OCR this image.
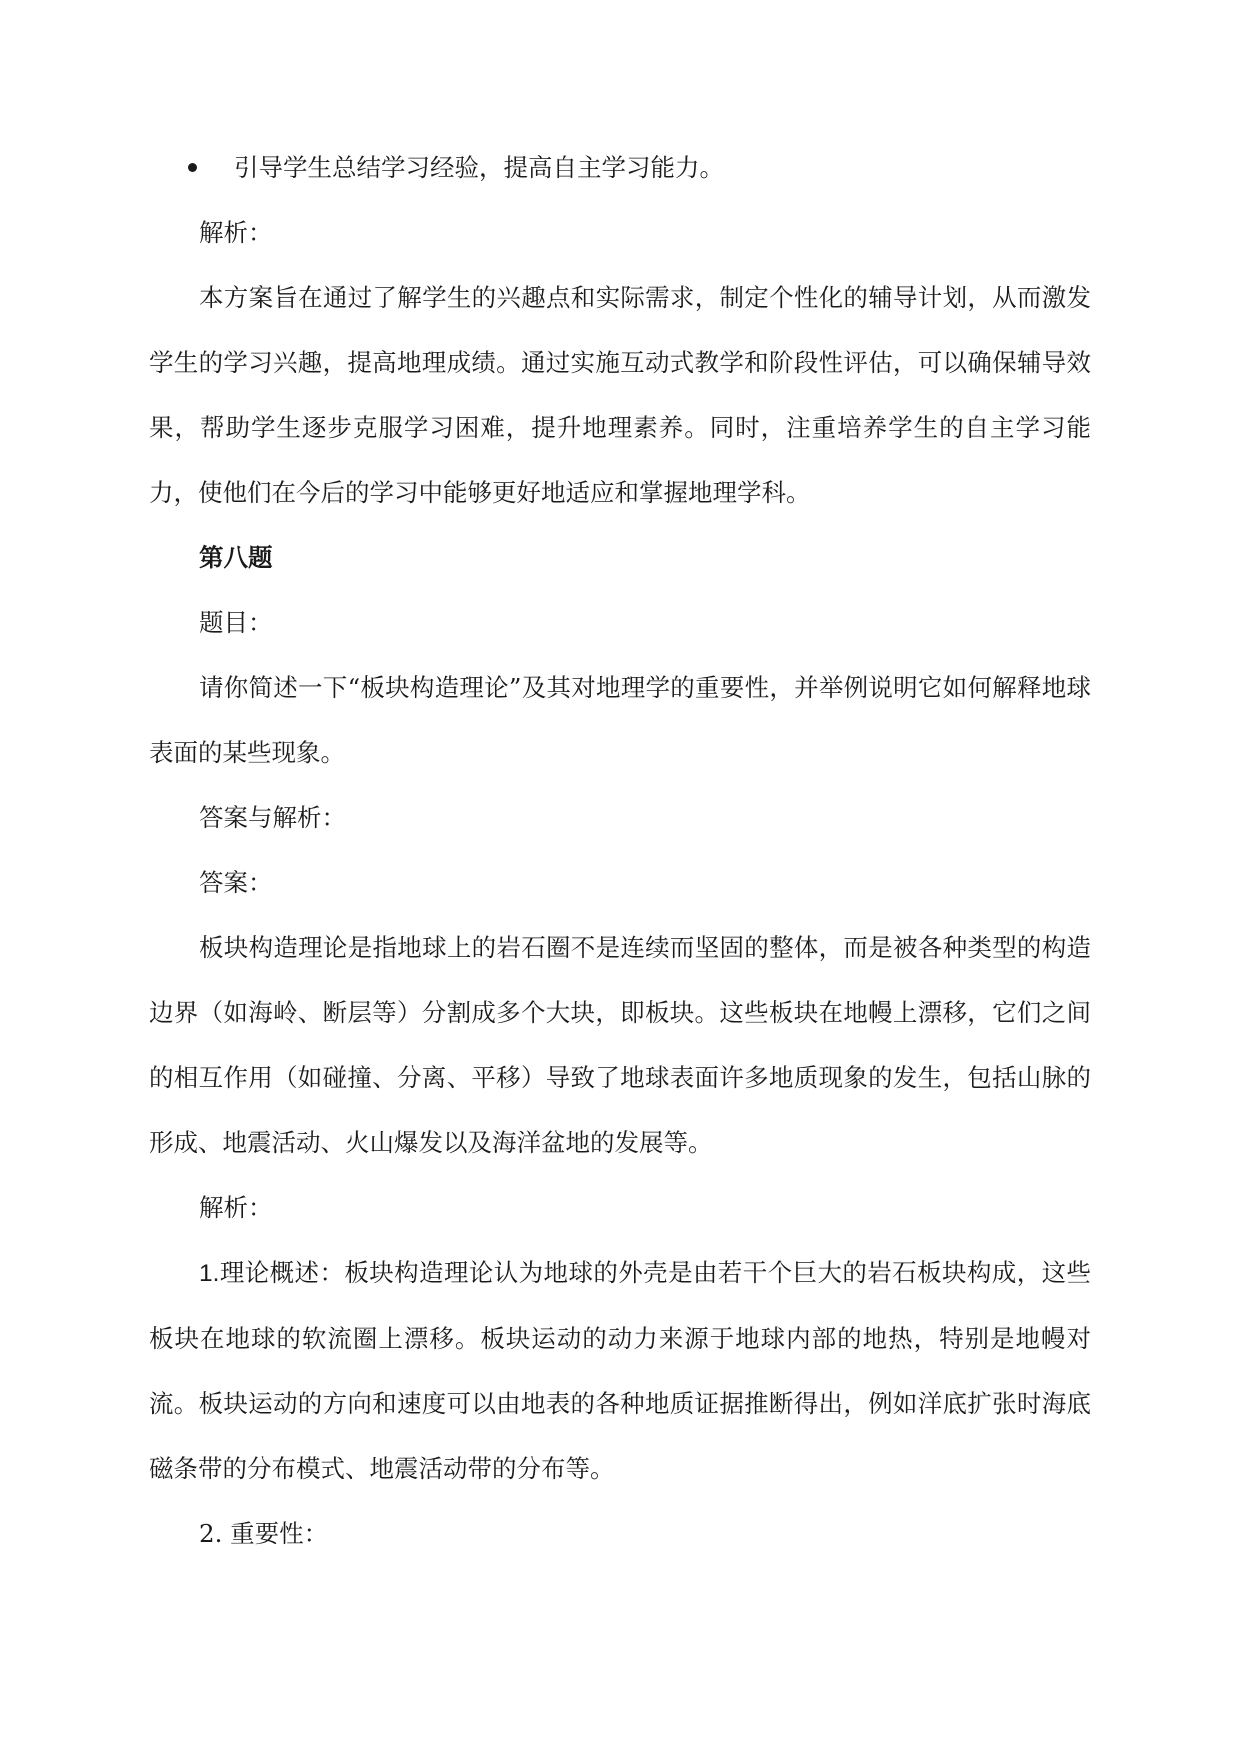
引导学生总结学习经验，提高自主学习能力。

解析：

本方案旨在通过了解学生的兴趣点和实际需求，制定个性化的辅导计划，从而激发学生的学习兴趣，提高地理成绩。通过实施互动式教学和阶段性评估，可以确保辅导效果，帮助学生逐步克服学习困难，提升地理素养。同时，注重培养学生的自主学习能力，使他们在今后的学习中能够更好地适应和掌握地理学科。

第八题

题目：

请你简述一下“板块构造理论”及其对地理学的重要性，并举例说明它如何解释地球表面的某些现象。

答案与解析：

答案：

板块构造理论是指地球上的岩石圈不是连续而坚固的整体，而是被各种类型的构造边界（如海岭、断层等）分割成多个大块，即板块。这些板块在地幔上漂移，它们之间的相互作用（如碰撞、分离、平移）导致了地球表面许多地质现象的发生，包括山脉的形成、地震活动、火山爆发以及海洋盆地的发展等。

解析：

1.理论概述：板块构造理论认为地球的外壳是由若干个巨大的岩石板块构成，这些板块在地球的软流圈上漂移。板块运动的动力来源于地球内部的地热，特别是地幔对流。板块运动的方向和速度可以由地表的各种地质证据推断得出，例如洋底扩张时海底磁条带的分布模式、地震活动带的分布等。

2. 重要性：
